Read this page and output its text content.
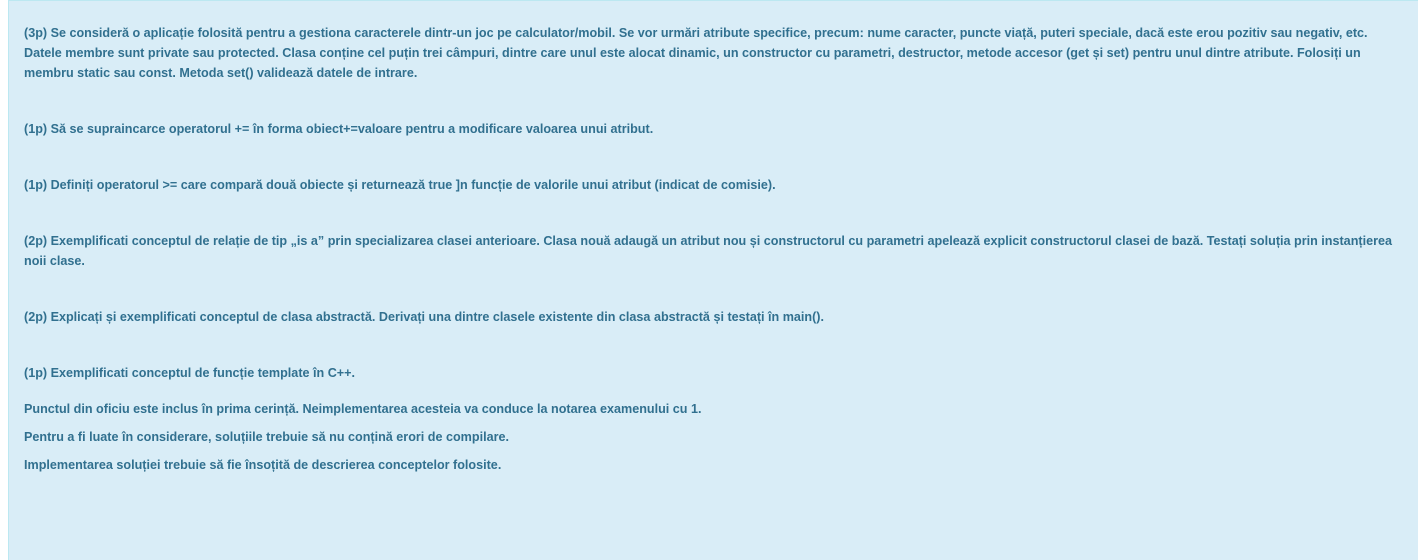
(3p) Se consideră o aplicație folosită pentru a gestiona caracterele dintr-un joc pe calculator/mobil. Se vor urmări atribute specifice, precum: nume caracter, puncte viață, puteri speciale, dacă este erou pozitiv sau negativ, etc. Datele membre sunt private sau protected. Clasa conține cel puțin trei câmpuri, dintre care unul este alocat dinamic, un constructor cu parametri, destructor, metode accesor (get și set) pentru unul dintre atribute. Folosiți un membru static sau const. Metoda set() validează datele de intrare.

(1p) Să se supraincarce operatorul += în forma obiect+=valoare pentru a modificare valoarea unui atribut.

(1p) Definiți operatorul >= care compară două obiecte și returnează true ]n funcție de valorile unui atribut (indicat de comisie).

(2p) Exemplificati conceptul de relație de tip „is a” prin specializarea clasei anterioare. Clasa nouă adaugă un atribut nou și constructorul cu parametri apelează explicit constructorul clasei de bază. Testați soluția prin instanțierea noii clase.

(2p) Explicați și exemplificati conceptul de clasa abstractă. Derivați una dintre clasele existente din clasa abstractă și testați în main().

(1p) Exemplificati conceptul de funcție template în C++.

Punctul din oficiu este inclus în prima cerință. Neimplementarea acesteia va conduce la notarea examenului cu 1.

Pentru a fi luate în considerare, soluțiile trebuie să nu conțină erori de compilare.

Implementarea soluției trebuie să fie însoțită de descrierea conceptelor folosite.
